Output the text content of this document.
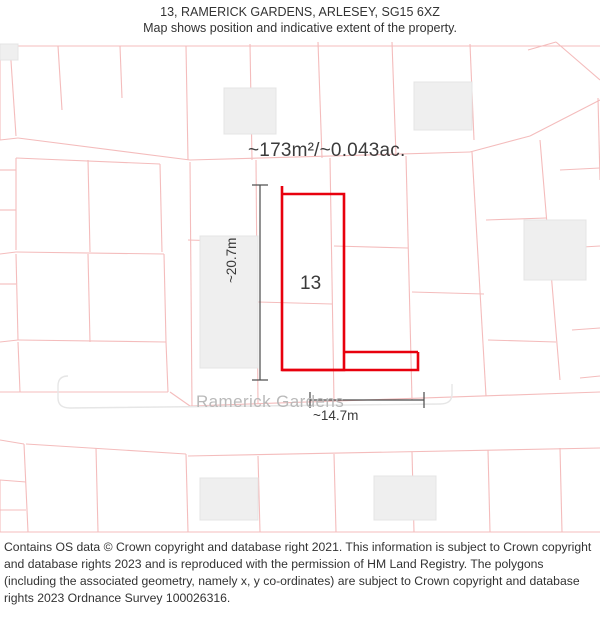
13, RAMERICK GARDENS, ARLESEY, SG15 6XZ
Map shows position and indicative extent of the property.
~173m²/~0.043ac.
13
~20.7m
~14.7m
Ramerick Gardens

Contains OS data © Crown copyright and database right 2021. This information is subject to Crown copyright and database rights 2023 and is reproduced with the permission of HM Land Registry. The polygons (including the associated geometry, namely x, y co-ordinates) are subject to Crown copyright and database rights 2023 Ordnance Survey 100026316.
